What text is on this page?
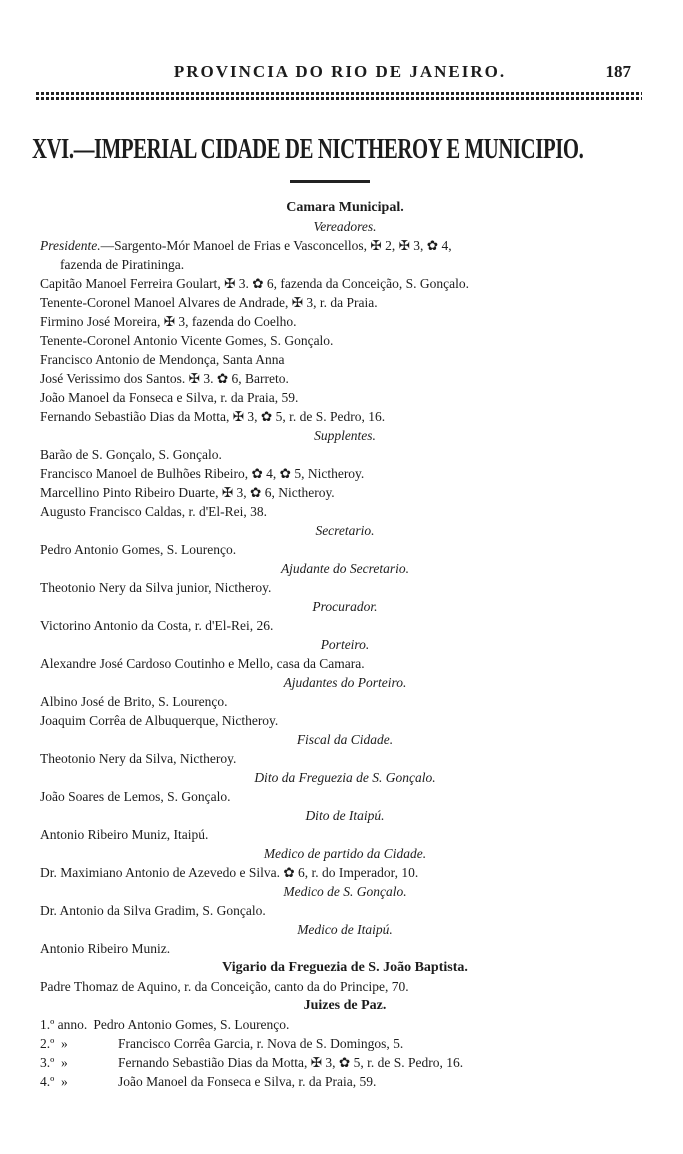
PROVINCIA DO RIO DE JANEIRO.	187
XVI.—IMPERIAL CIDADE DE NICTHEROY E MUNICIPIO.
Camara Municipal.
Vereadores.
Presidente.—Sargento-Mór Manoel de Frias e Vasconcellos, ✠ 2, ✠ 3, ✿ 4,
fazenda de Piratininga.
Capitão Manoel Ferreira Goulart, ✠ 3. ✿ 6, fazenda da Conceição, S. Gonçalo.
Tenente-Coronel Manoel Alvares de Andrade, ✠ 3, r. da Praia.
Firmino José Moreira, ✠ 3, fazenda do Coelho.
Tenente-Coronel Antonio Vicente Gomes, S. Gonçalo.
Francisco Antonio de Mendonça, Santa Anna
José Verissimo dos Santos. ✠ 3. ✿ 6, Barreto.
João Manoel da Fonseca e Silva, r. da Praia, 59.
Fernando Sebastião Dias da Motta, ✠ 3, ✿ 5, r. de S. Pedro, 16.
Supplentes.
Barão de S. Gonçalo, S. Gonçalo.
Francisco Manoel de Bulhões Ribeiro, ✿ 4, ✿ 5, Nictheroy.
Marcellino Pinto Ribeiro Duarte, ✠ 3, ✿ 6, Nictheroy.
Augusto Francisco Caldas, r. d'El-Rei, 38.
Secretario.
Pedro Antonio Gomes, S. Lourenço.
Ajudante do Secretario.
Theotonio Nery da Silva junior, Nictheroy.
Procurador.
Victorino Antonio da Costa, r. d'El-Rei, 26.
Porteiro.
Alexandre José Cardoso Coutinho e Mello, casa da Camara.
Ajudantes do Porteiro.
Albino José de Brito, S. Lourenço.
Joaquim Corrêa de Albuquerque, Nictheroy.
Fiscal da Cidade.
Theotonio Nery da Silva, Nictheroy.
Dito da Freguezia de S. Gonçalo.
João Soares de Lemos, S. Gonçalo.
Dito de Itaipú.
Antonio Ribeiro Muniz, Itaipú.
Medico de partido da Cidade.
Dr. Maximiano Antonio de Azevedo e Silva. ✿ 6, r. do Imperador, 10.
Medico de S. Gonçalo.
Dr. Antonio da Silva Gradim, S. Gonçalo.
Medico de Itaipú.
Antonio Ribeiro Muniz.
Vigario da Freguezia de S. João Baptista.
Padre Thomaz de Aquino, r. da Conceição, canto da do Principe, 70.
Juizes de Paz.
1.º anno. Pedro Antonio Gomes, S. Lourenço.
2.º  »	Francisco Corrêa Garcia, r. Nova de S. Domingos, 5.
3.º  »	Fernando Sebastião Dias da Motta, ✠ 3, ✿ 5, r. de S. Pedro, 16.
4.º  »	João Manoel da Fonseca e Silva, r. da Praia, 59.
